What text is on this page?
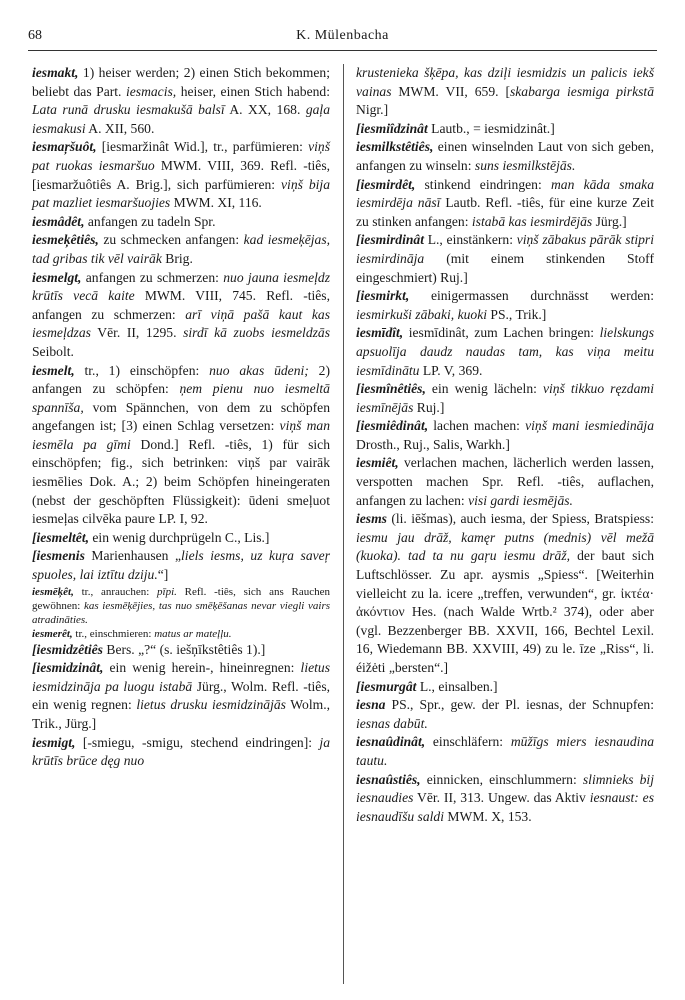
68	K. Mülenbacha

iesmakt, 1) heiser werden; 2) einen Stich bekommen; beliebt das Part. iesmacis, heiser, einen Stich habend: Lata runā drusku iesmakušā balsī A. XX, 168. gaļa iesmakusi A. XII, 560.

iesmaŗšuôt, [iesmaržinât Wid.], tr., parfümieren: viņš pat ruokas iesmaršuo MWM. VIII, 369. Refl. -tiês, [iesmaržuôtiês A. Brig.], sich parfümieren: viņš bija pat mazliet iesmaršuojies MWM. XI, 116.

iesmâdêt, anfangen zu tadeln Spr.

iesmeķêtiês, zu schmecken anfangen: kad iesmeķējas, tad gribas tik vēl vairāk Brig.

iesmelgt, anfangen zu schmerzen: nuo jauna iesmeļdz krūtīs vecā kaite MWM. VIII, 745. Refl. -tiês, anfangen zu schmerzen: arī viņā pašā kaut kas iesmeļdzas Vēr. II, 1295. sirdī kā zuobs iesmeldzās Seibolt.

iesmelt, tr., 1) einschöpfen: nuo akas ūdeni; 2) anfangen zu schöpfen: ņem pienu nuo iesmeltā spannīša, vom Spännchen, von dem zu schöpfen angefangen ist; [3) einen Schlag versetzen: viņš man iesmēla pa gīmi Dond.] Refl. -tiês, 1) für sich einschöpfen; fig., sich betrinken: viņš par vairāk iesmēlies Dok. A.; 2) beim Schöpfen hineingeraten (nebst der geschöpften Flüssigkeit): ūdeni smeļuot iesmeļas cilvēka paure LP. I, 92.

[iesmeltêt, ein wenig durchprügeln C., Lis.]

[iesmenis Marienhausen „liels iesms, uz kuŗa saveŗ spuoles, lai iztītu dziju.“]

iesmēķêt, tr., anrauchen: pīpi. Refl. -tiês, sich ans Rauchen gewöhnen: kas iesmēķējies, tas nuo smēķēšanas nevar viegli vairs atradināties.

iesmerêt, tr., einschmieren: matus ar mateļļu.

[iesmidzêtiês Bers. „?“ (s. iešņīkstêtiês 1).]

[iesmidzinât, ein wenig herein-, hineinregnen: lietus iesmidzināja pa luogu istabā Jürg., Wolm. Refl. -tiês, ein wenig regnen: lietus drusku iesmidzinājās Wolm., Trik., Jürg.]

iesmigt, [-smiegu, -smigu, stechend eindringen]: ja krūtīs brūce dęg nuo

krustenieka šķēpa, kas dziļi iesmidzis un palicis iekš vainas MWM. VII, 659. [skabarga iesmiga pirkstā Nigr.]

[iesmiîdzinât Lautb., = iesmidzinât.]

iesmilkstêtiês, einen winselnden Laut von sich geben, anfangen zu winseln: suns iesmilkstējās.

[iesmirdêt, stinkend eindringen: man kāda smaka iesmirdēja nāsī Lautb. Refl. -tiês, für eine kurze Zeit zu stinken anfangen: istabā kas iesmirdējās Jürg.]

[iesmirdinât L., einstänkern: viņš zābakus pārāk stipri iesmirdināja (mit einem stinkenden Stoff eingeschmiert) Ruj.]

[iesmirkt, einigermassen durchnässt werden: iesmirkuši zābaki, kuoki PS., Trik.]

iesmīdît, iesmīdinât, zum Lachen bringen: lielskungs apsuolīja daudz naudas tam, kas viņa meitu iesmīdinātu LP. V, 369.

[iesmînêtiês, ein wenig lächeln: viņš tikkuo ręzdami iesmīnējās Ruj.]

[iesmiêdinât, lachen machen: viņš mani iesmiedināja Drosth., Ruj., Salis, Warkh.]

iesmiêt, verlachen machen, lächerlich werden lassen, verspotten machen Spr. Refl. -tiês, auflachen, anfangen zu lachen: visi gardi iesmējās.

iesms (li. iēšmas), auch iesma, der Spiess, Bratspiess: iesmu jau drāž, kamęr putns (mednis) vēl mežā (kuoka). tad ta nu gaŗu iesmu drāž, der baut sich Luftschlösser. Zu apr. aysmis „Spiess“. [Weiterhin vielleicht zu la. icere „treffen, verwunden“, gr. ἰκτέα· ἀκόντιον Hes. (nach Walde Wrtb.² 374), oder aber (vgl. Bezzenberger BB. XXVII, 166, Bechtel Lexil. 16, Wiedemann BB. XXVIII, 49) zu le. īze „Riss“, li. éižėti „bersten“.]

[iesmurgât L., einsalben.]

iesna PS., Spr., gew. der Pl. iesnas, der Schnupfen: iesnas dabūt.

iesnaûdinât, einschläfern: mūžīgs miers iesnaudina tautu.

iesnaûstiês, einnicken, einschlummern: slimnieks bij iesnaudies Vēr. II, 313. Ungew. das Aktiv iesnaust: es iesnaudīšu saldi MWM. X, 153.
